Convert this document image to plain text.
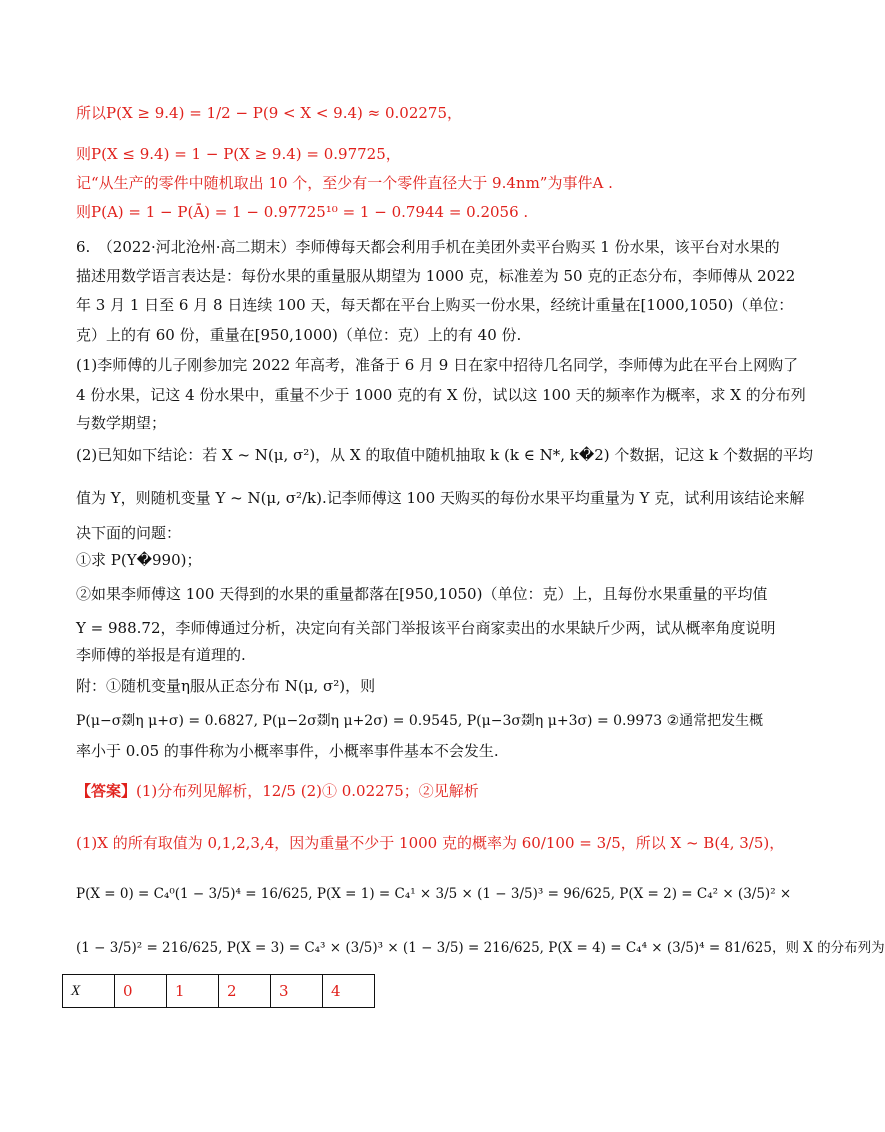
所以P(X ≥ 9.4) = 1/2 − P(9 < X < 9.4) ≈ 0.02275，
则P(X ≤ 9.4) = 1 − P(X ≥ 9.4) = 0.97725，
记“从生产的零件中随机取出 10 个，至少有一个零件直径大于 9.4nm”为事件A .
则P(A) = 1 − P(Ā) = 1 − 0.97725¹⁰ = 1 − 0.7944 = 0.2056 .
6.　（2022·河北沧州·高二期末）李师傅每天都会利用手机在美团外卖平台购买 1 份水果，该平台对水果的
描述用数学语言表达是：每份水果的重量服从期望为 1000 克，标准差为 50 克的正态分布，李师傅从 2022
年 3 月 1 日至 6 月 8 日连续 100 天，每天都在平台上购买一份水果，经统计重量在[1000,1050)（单位：
克）上的有 60 份，重量在[950,1000)（单位：克）上的有 40 份.
(1)李师傅的儿子刚参加完 2022 年高考，准备于 6 月 9 日在家中招待几名同学，李师傅为此在平台上网购了
4 份水果，记这 4 份水果中，重量不少于 1000 克的有 X 份，试以这 100 天的频率作为概率，求 X 的分布列
与数学期望；
(2)已知如下结论：若 X ~ N(μ, σ²)，从 X 的取值中随机抽取 k (k ∈ N*, k�2) 个数据，记这 k 个数据的平均
值为 Y，则随机变量 Y ~ N(μ, σ²/k).记李师傅这 100 天购买的每份水果平均重量为 Y 克，试利用该结论来解
决下面的问题：
①求 P(Y�990)；
②如果李师傅这 100 天得到的水果的重量都落在[950,1050)（单位：克）上，且每份水果重量的平均值
Y = 988.72，李师傅通过分析，决定向有关部门举报该平台商家卖出的水果缺斤少两，试从概率角度说明
李师傅的举报是有道理的.
附：①随机变量η服从正态分布 N(μ, σ²)，则
P(μ−σ剟η μ+σ) = 0.6827, P(μ−2σ剟η μ+2σ) = 0.9545, P(μ−3σ剟η μ+3σ) = 0.9973 ②通常把发生概
率小于 0.05 的事件称为小概率事件，小概率事件基本不会发生.
【答案】(1)分布列见解析，12/5 (2)① 0.02275；②见解析
(1)X 的所有取值为 0,1,2,3,4，因为重量不少于 1000 克的概率为 60/100 = 3/5，所以 X ~ B(4, 3/5)，
P(X = 0) = C₄⁰(1 − 3/5)⁴ = 16/625, P(X = 1) = C₄¹ × 3/5 × (1 − 3/5)³ = 96/625, P(X = 2) = C₄² × (3/5)² ×
(1 − 3/5)² = 216/625, P(X = 3) = C₄³ × (3/5)³ × (1 − 3/5) = 216/625, P(X = 4) = C₄⁴ × (3/5)⁴ = 81/625，则 X 的分布列为
X	0	1	2	3	4
